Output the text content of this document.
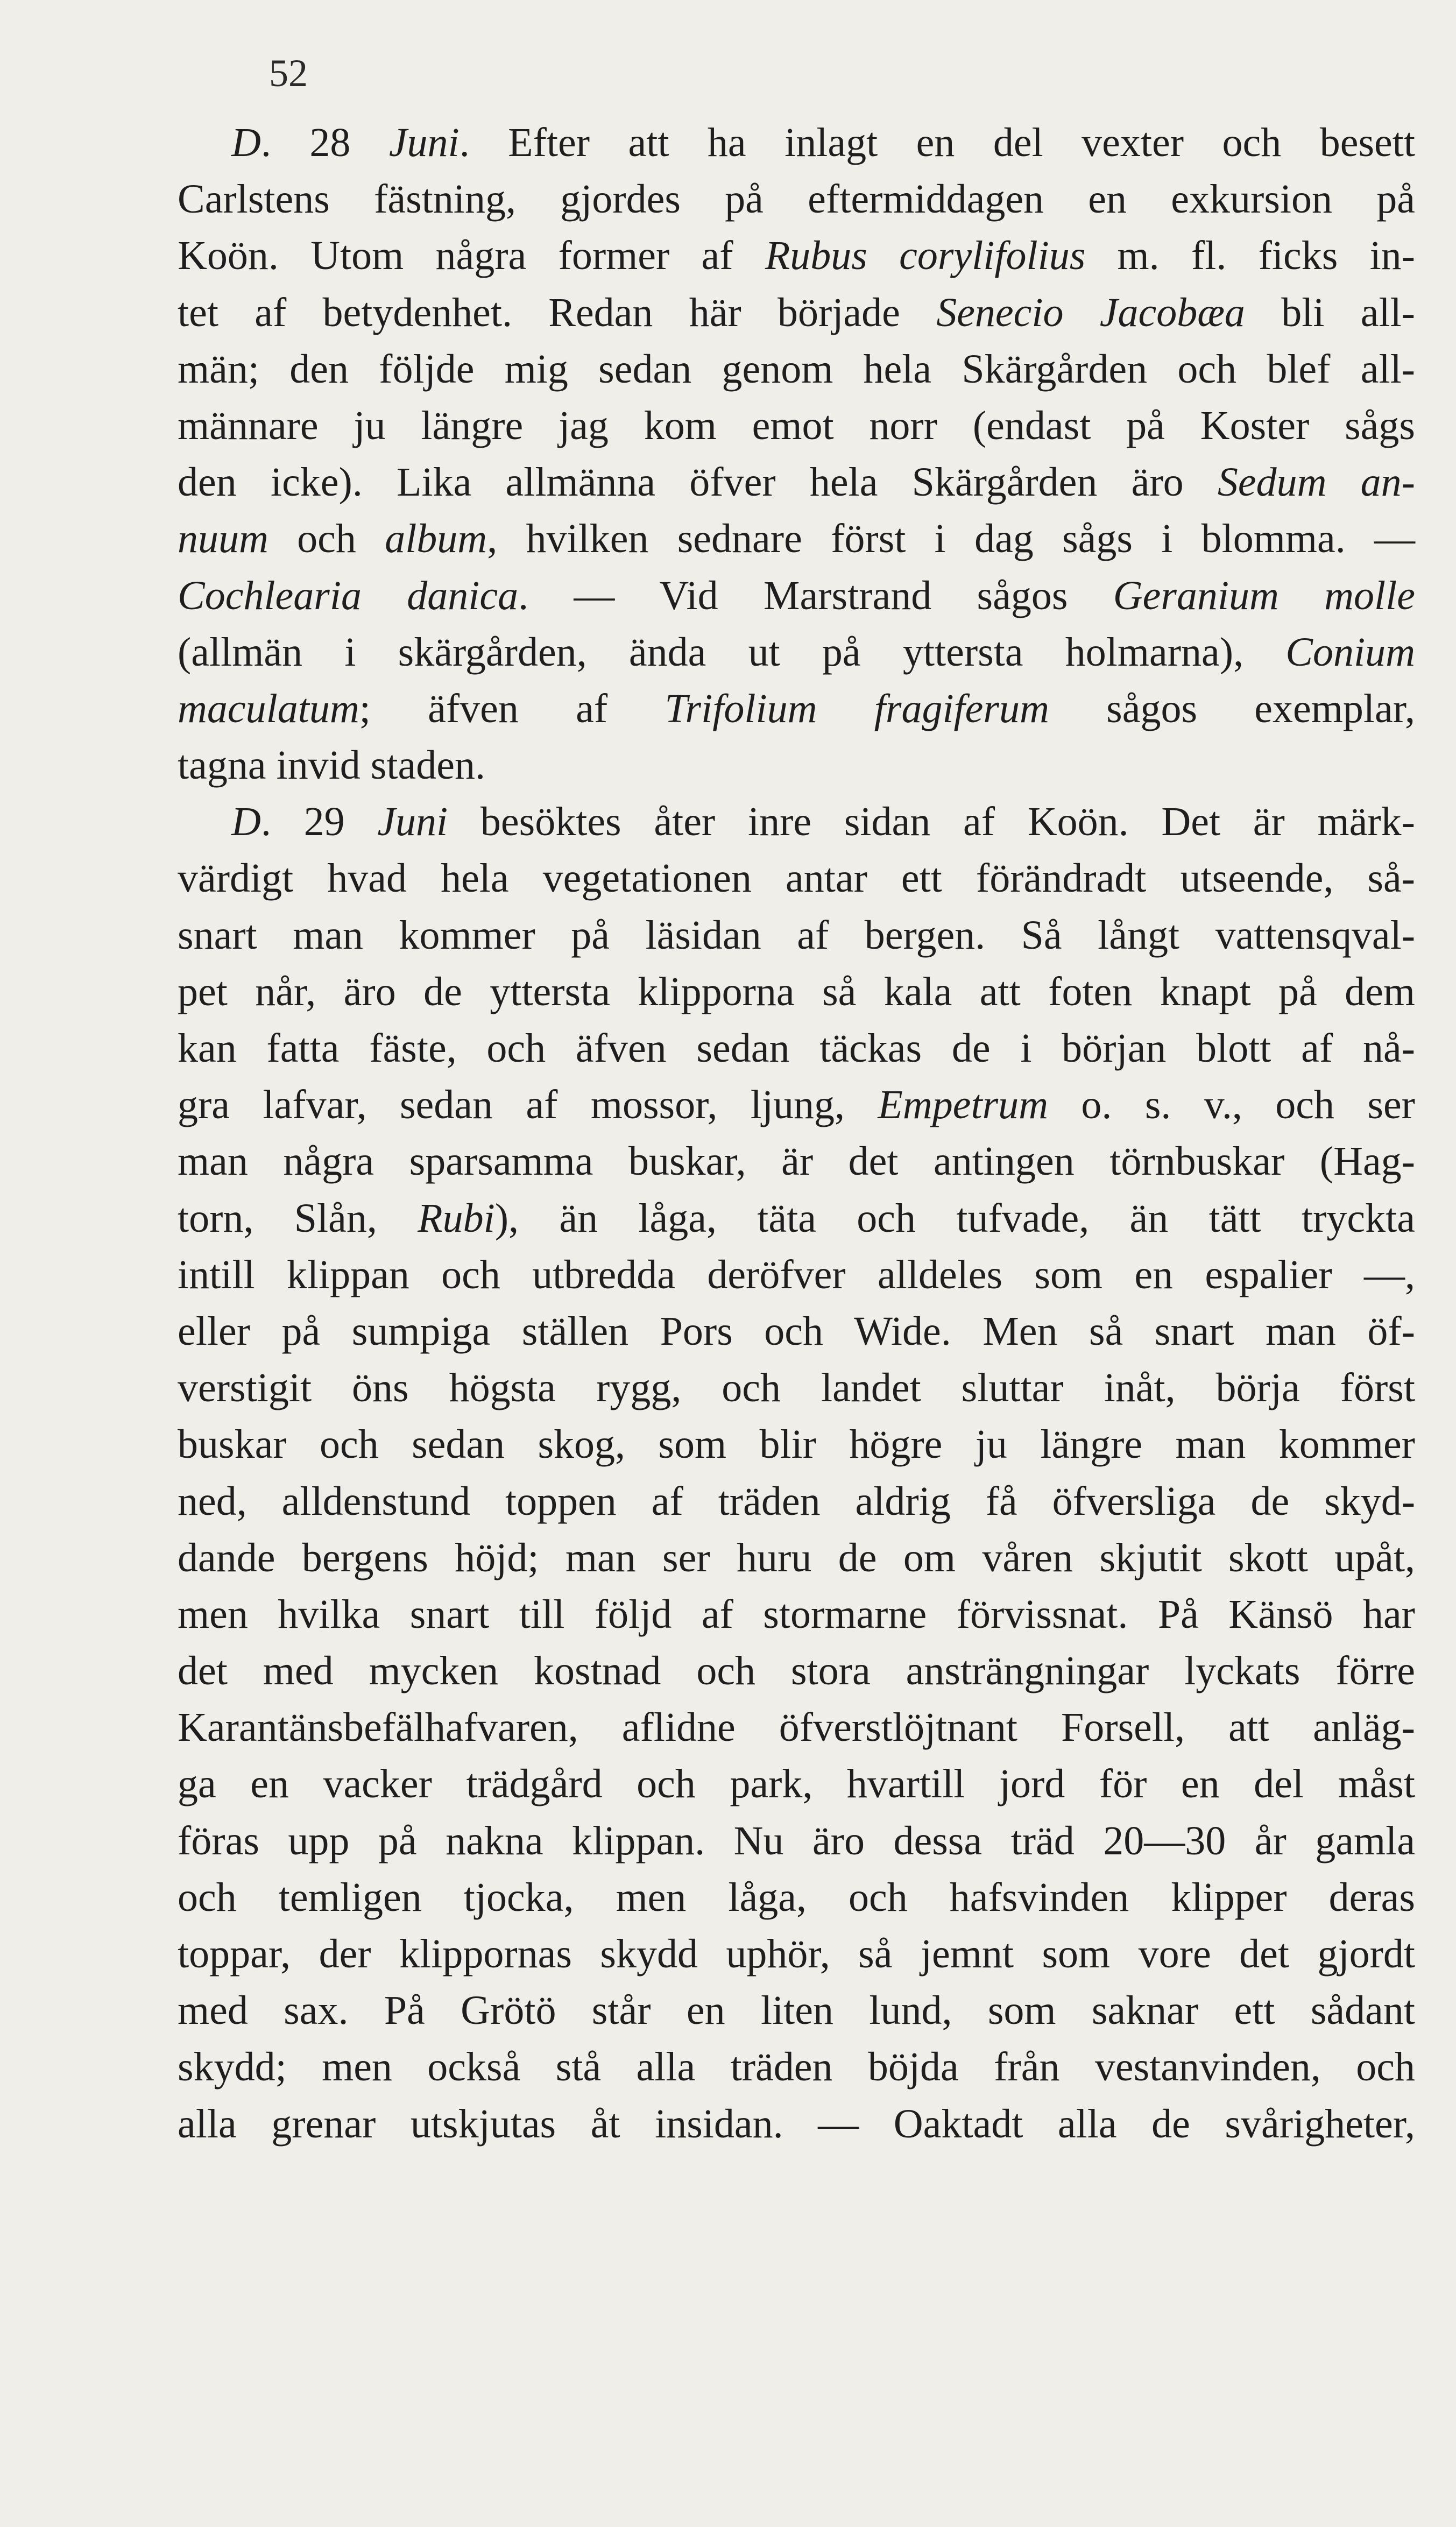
52

D. 28 Juni. Efter att ha inlagt en del vexter och besett
Carlstens fästning, gjordes på eftermiddagen en exkursion på
Koön. Utom några former af Rubus corylifolius m. fl. ficks in-
tet af betydenhet. Redan här började Senecio Jacobæa bli all-
män; den följde mig sedan genom hela Skärgården och blef all-
männare ju längre jag kom emot norr (endast på Koster sågs
den icke). Lika allmänna öfver hela Skärgården äro Sedum an-
nuum och album, hvilken sednare först i dag sågs i blomma. —
Cochlearia danica. — Vid Marstrand sågos Geranium molle
(allmän i skärgården, ända ut på yttersta holmarna), Conium
maculatum; äfven af Trifolium fragiferum sågos exemplar,
tagna invid staden.
D. 29 Juni besöktes åter inre sidan af Koön. Det är märk-
värdigt hvad hela vegetationen antar ett förändradt utseende, så-
snart man kommer på läsidan af bergen. Så långt vattensqval-
pet når, äro de yttersta klipporna så kala att foten knapt på dem
kan fatta fäste, och äfven sedan täckas de i början blott af nå-
gra lafvar, sedan af mossor, ljung, Empetrum o. s. v., och ser
man några sparsamma buskar, är det antingen törnbuskar (Hag-
torn, Slån, Rubi), än låga, täta och tufvade, än tätt tryckta
intill klippan och utbredda deröfver alldeles som en espalier —,
eller på sumpiga ställen Pors och Wide. Men så snart man öf-
verstigit öns högsta rygg, och landet sluttar inåt, börja först
buskar och sedan skog, som blir högre ju längre man kommer
ned, alldenstund toppen af träden aldrig få öfversliga de skyd-
dande bergens höjd; man ser huru de om våren skjutit skott upåt,
men hvilka snart till följd af stormarne förvissnat. På Känsö har
det med mycken kostnad och stora ansträngningar lyckats förre
Karantänsbefälhafvaren, aflidne öfverstlöjtnant Forsell, att anläg-
ga en vacker trädgård och park, hvartill jord för en del måst
föras upp på nakna klippan. Nu äro dessa träd 20—30 år gamla
och temligen tjocka, men låga, och hafsvinden klipper deras
toppar, der klippornas skydd uphör, så jemnt som vore det gjordt
med sax. På Grötö står en liten lund, som saknar ett sådant
skydd; men också stå alla träden böjda från vestanvinden, och
alla grenar utskjutas åt insidan. — Oaktadt alla de svårigheter,
